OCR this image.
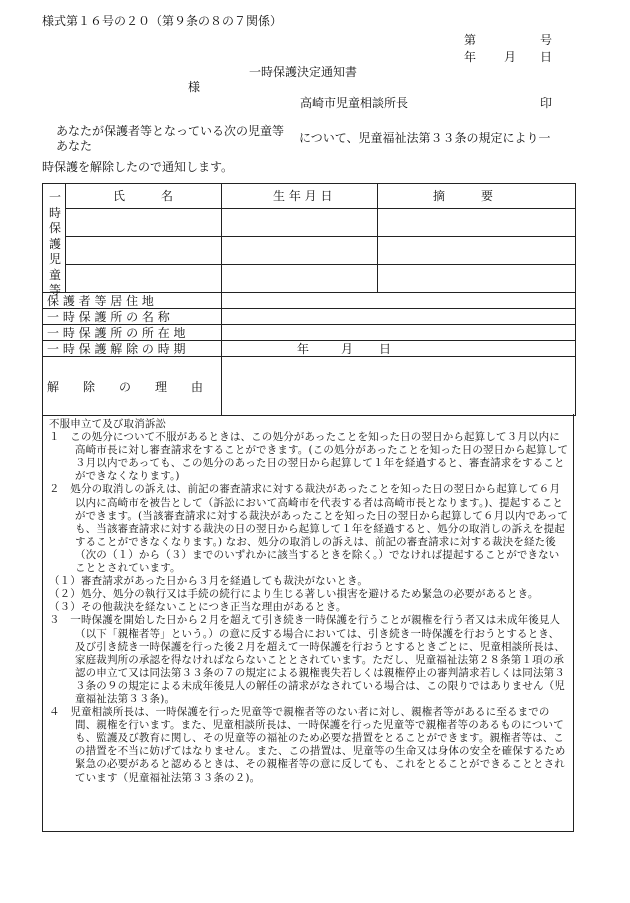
様式第１６号の２０（第９条の８の７関係）
第	号
年 月 日
一時保護決定通知書
様
高崎市児童相談所長	印
あなたが保護者等となっている次の児童等
あなた
について、児童福祉法第３３条の規定により一
時保護を解除したので通知します。
一時保護児童等
氏　　　名	生 年 月 日	摘　　　要
保 護 者 等 居 住 地
一 時 保 護 所 の 名 称
一 時 保 護 所 の 所 在 地
一 時 保 護 解 除 の 時 期	年	月 日
解　　除　　の　　理　　由
不服申立て及び取消訴訟
１　この処分について不服があるときは、この処分があったことを知った日の翌日から起算して３月以内に高崎市長に対し審査請求をすることができます。(この処分があったことを知った日の翌日から起算して３月以内であっても、この処分のあった日の翌日から起算して１年を経過すると、審査請求をすることができなくなります。)
２　処分の取消しの訴えは、前記の審査請求に対する裁決があったことを知った日の翌日から起算して６月以内に高崎市を被告として（訴訟において高崎市を代表する者は高崎市長となります。)、提起することができます。(当該審査請求に対する裁決があったことを知った日の翌日から起算して６月以内であっても、当該審査請求に対する裁決の日の翌日から起算して１年を経過すると、処分の取消しの訴えを提起することができなくなります。) なお、処分の取消しの訴えは、前記の審査請求に対する裁決を経た後（次の（１）から（３）までのいずれかに該当するときを除く。）でなければ提起することができないこととされています。
（１）審査請求があった日から３月を経過しても裁決がないとき。
（２）処分、処分の執行又は手続の続行により生じる著しい損害を避けるため緊急の必要があるとき。
（３）その他裁決を経ないことにつき正当な理由があるとき。
３　一時保護を開始した日から２月を超えて引き続き一時保護を行うことが親権を行う者又は未成年後見人（以下「親権者等」という。）の意に反する場合においては、引き続き一時保護を行おうとするとき、及び引き続き一時保護を行った後２月を超えて一時保護を行おうとするときごとに、児童相談所長は、家庭裁判所の承認を得なければならないこととされています。ただし、児童福祉法第２８条第１項の承認の申立て又は同法第３３条の７の規定による親権喪失若しくは親権停止の審判請求若しくは同法第３３条の９の規定による未成年後見人の解任の請求がなされている場合は、この限りではありません（児童福祉法第３３条)。
４　児童相談所長は、一時保護を行った児童等で親権者等のない者に対し、親権者等があるに至るまでの間、親権を行います。また、児童相談所長は、一時保護を行った児童等で親権者等のあるものについても、監護及び教育に関し、その児童等の福祉のため必要な措置をとることができます。親権者等は、この措置を不当に妨げてはなりません。また、この措置は、児童等の生命又は身体の安全を確保するため緊急の必要があると認めるときは、その親権者等の意に反しても、これをとることができることとされています（児童福祉法第３３条の２)。
